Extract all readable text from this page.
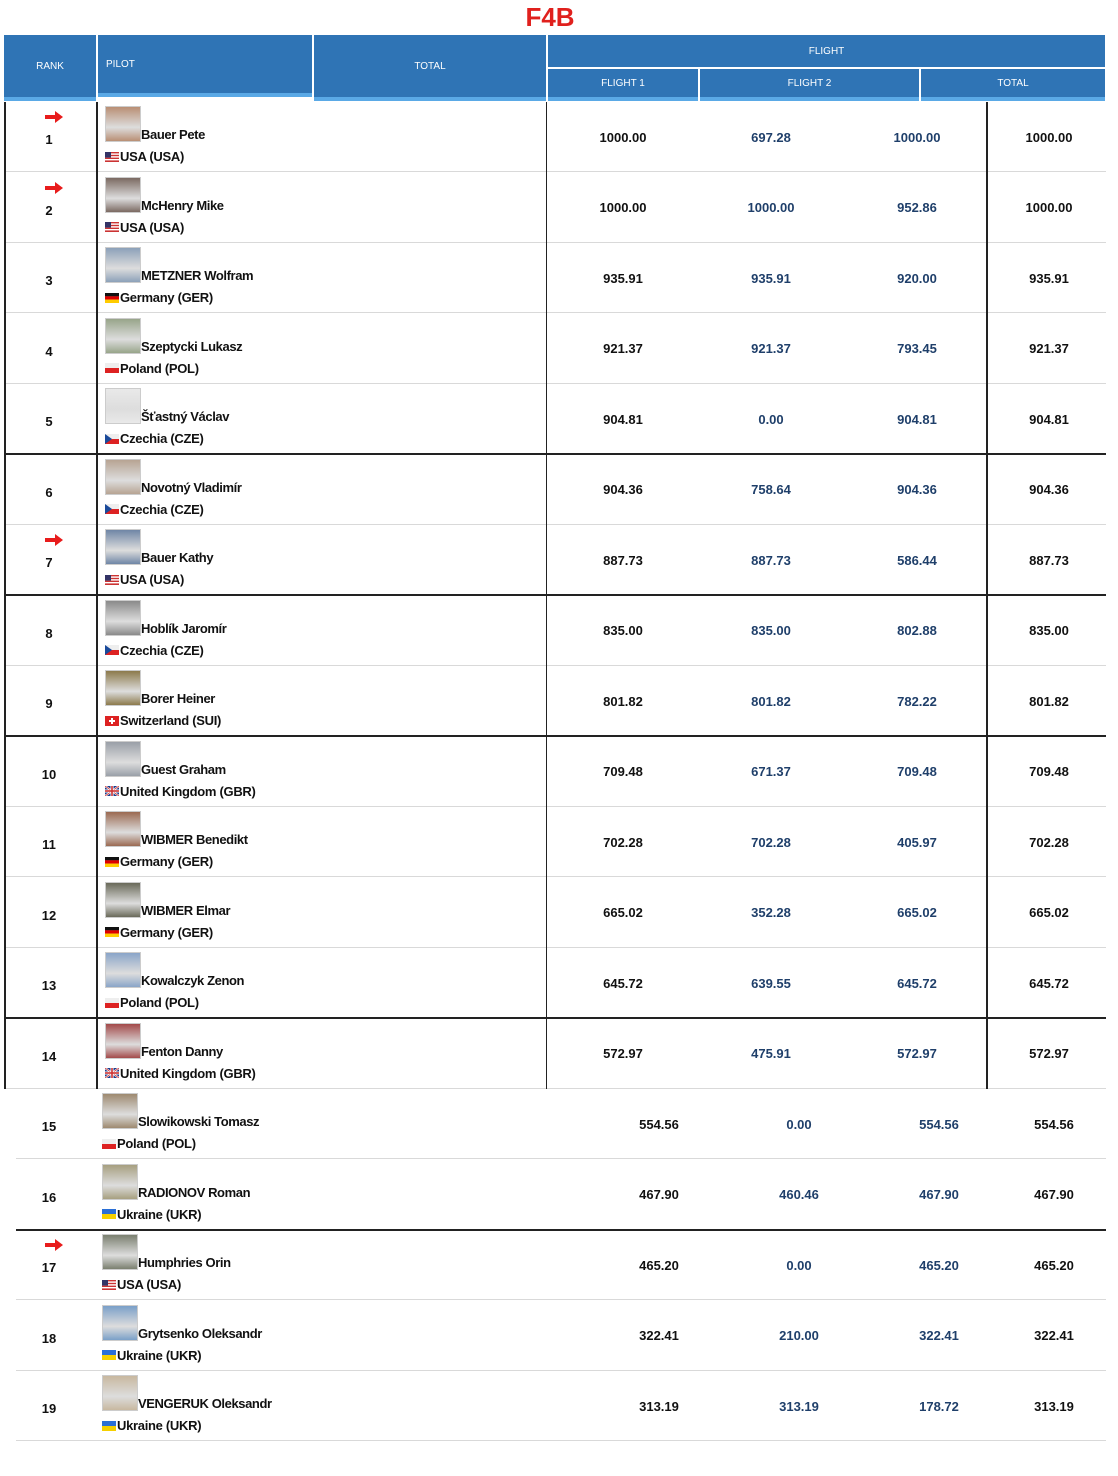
F4B
RANK	PILOT	TOTAL
FLIGHT
FLIGHT 1	FLIGHT 2	TOTAL
1	Bauer Pete
USA (USA)
1000.00	697.28	1000.00	1000.00
2	McHenry Mike
USA (USA)
1000.00	1000.00	952.86	1000.00
3	METZNER Wolfram
Germany (GER)
935.91	935.91	920.00	935.91
4	Szeptycki Lukasz
Poland (POL)
921.37	921.37	793.45	921.37
5	Šťastný Václav
Czechia (CZE)
904.81	0.00	904.81	904.81
6	Novotný Vladimír
Czechia (CZE)
904.36	758.64	904.36	904.36
7	Bauer Kathy
USA (USA)
887.73	887.73	586.44	887.73
8	Hoblík Jaromír
Czechia (CZE)
835.00	835.00	802.88	835.00
9	Borer Heiner
Switzerland (SUI)
801.82	801.82	782.22	801.82
10	Guest Graham
United Kingdom (GBR)
709.48	671.37	709.48	709.48
11	WIBMER Benedikt
Germany (GER)
702.28	702.28	405.97	702.28
12	WIBMER Elmar
Germany (GER)
665.02	352.28	665.02	665.02
13	Kowalczyk Zenon
Poland (POL)
645.72	639.55	645.72	645.72
14	Fenton Danny
United Kingdom (GBR)
572.97	475.91	572.97	572.97
15	Slowikowski Tomasz
Poland (POL)
554.56	0.00	554.56	554.56
16	RADIONOV Roman
Ukraine (UKR)
467.90	460.46	467.90	467.90
17	Humphries Orin
USA (USA)
465.20	0.00	465.20	465.20
18	Grytsenko Oleksandr
Ukraine (UKR)
322.41	210.00	322.41	322.41
19	VENGERUK Oleksandr
Ukraine (UKR)
313.19	313.19	178.72	313.19
